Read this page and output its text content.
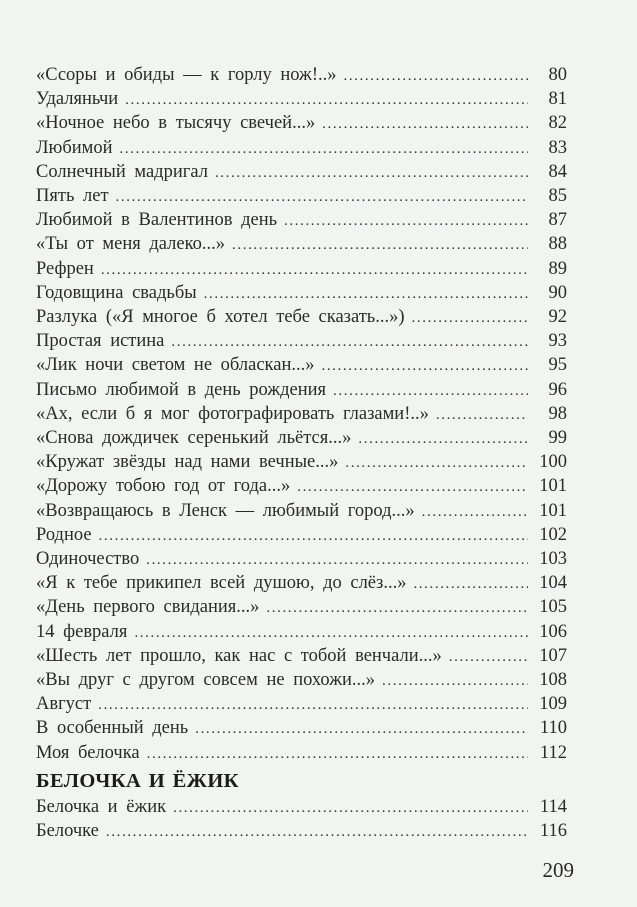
«Ссоры и обиды — к горлу нож!..» .....	80
Удаляньчи .....	81
«Ночное небо в тысячу свечей...» .....	82
Любимой .....	83
Солнечный мадригал .....	84
Пять лет .....	85
Любимой в Валентинов день .....	87
«Ты от меня далеко...» .....	88
Рефрен .....	89
Годовщина свадьбы .....	90
Разлука («Я многое б хотел тебе сказать...») .....	92
Простая истина .....	93
«Лик ночи светом не обласкан...» .....	95
Письмо любимой в день рождения .....	96
«Ах, если б я мог фотографировать глазами!..» .....	98
«Снова дождичек серенький льётся...» .....	99
«Кружат звёзды над нами вечные...» .....	100
«Дорожу тобою год от года...» .....	101
«Возвращаюсь в Ленск — любимый город...» .....	101
Родное .....	102
Одиночество .....	103
«Я к тебе прикипел всей душою, до слёз...» .....	104
«День первого свидания...» .....	105
14 февраля .....	106
«Шесть лет прошло, как нас с тобой венчали...» .....	107
«Вы друг с другом совсем не похожи...» .....	108
Август .....	109
В особенный день .....	110
Моя белочка .....	112
БЕЛОЧКА И ЁЖИК
Белочка и ёжик .....	114
Белочке .....	116
209
